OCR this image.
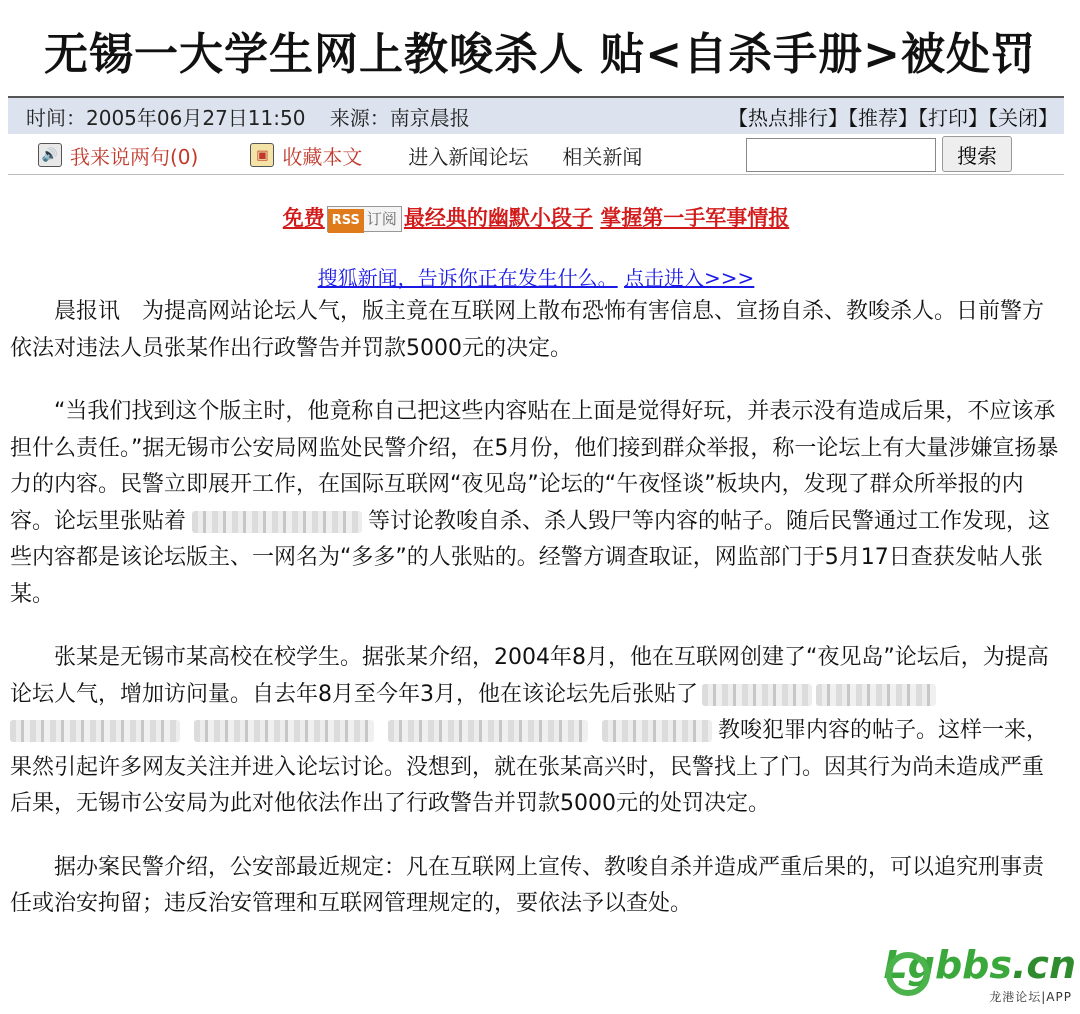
无锡一大学生网上教唆杀人 贴<自杀手册>被处罚
时间：2005年06月27日11:50 来源：南京晨报	【热点排行】【推荐】【打印】【关闭】
🔊 我来说两句(0)	▣ 收藏本文 进入新闻论坛 相关新闻	搜索
免费 RSS 订阅 最经典的幽默小段子 掌握第一手军事情报
搜狐新闻，告诉你正在发生什么。 点击进入>>>

晨报讯　为提高网站论坛人气，版主竟在互联网上散布恐怖有害信息、宣扬自杀、教唆杀人。日前警方依法对违法人员张某作出行政警告并罚款5000元的决定。

“当我们找到这个版主时，他竟称自己把这些内容贴在上面是觉得好玩，并表示没有造成后果，不应该承担什么责任。”据无锡市公安局网监处民警介绍，在5月份，他们接到群众举报，称一论坛上有大量涉嫌宣扬暴力的内容。民警立即展开工作，在国际互联网“夜见岛”论坛的“午夜怪谈”板块内，发现了群众所举报的内容。论坛里张贴着	等讨论教唆自杀、杀人毁尸等内容的帖子。随后民警通过工作发现，这些内容都是该论坛版主、一网名为“多多”的人张贴的。经警方调查取证，网监部门于5月17日查获发帖人张某。

张某是无锡市某高校在校学生。据张某介绍，2004年8月，他在互联网创建了“夜见岛”论坛后，为提高论坛人气，增加访问量。自去年8月至今年3月，他在该论坛先后张贴了教唆犯罪内容的帖子。这样一来，果然引起许多网友关注并进入论坛讨论。没想到，就在张某高兴时，民警找上了门。因其行为尚未造成严重后果，无锡市公安局为此对他依法作出了行政警告并罚款5000元的处罚决定。

据办案民警介绍，公安部最近规定：凡在互联网上宣传、教唆自杀并造成严重后果的，可以追究刑事责任或治安拘留；违反治安管理和互联网管理规定的，要依法予以查处。

Lgbbs.cn
龙港论坛|APP
